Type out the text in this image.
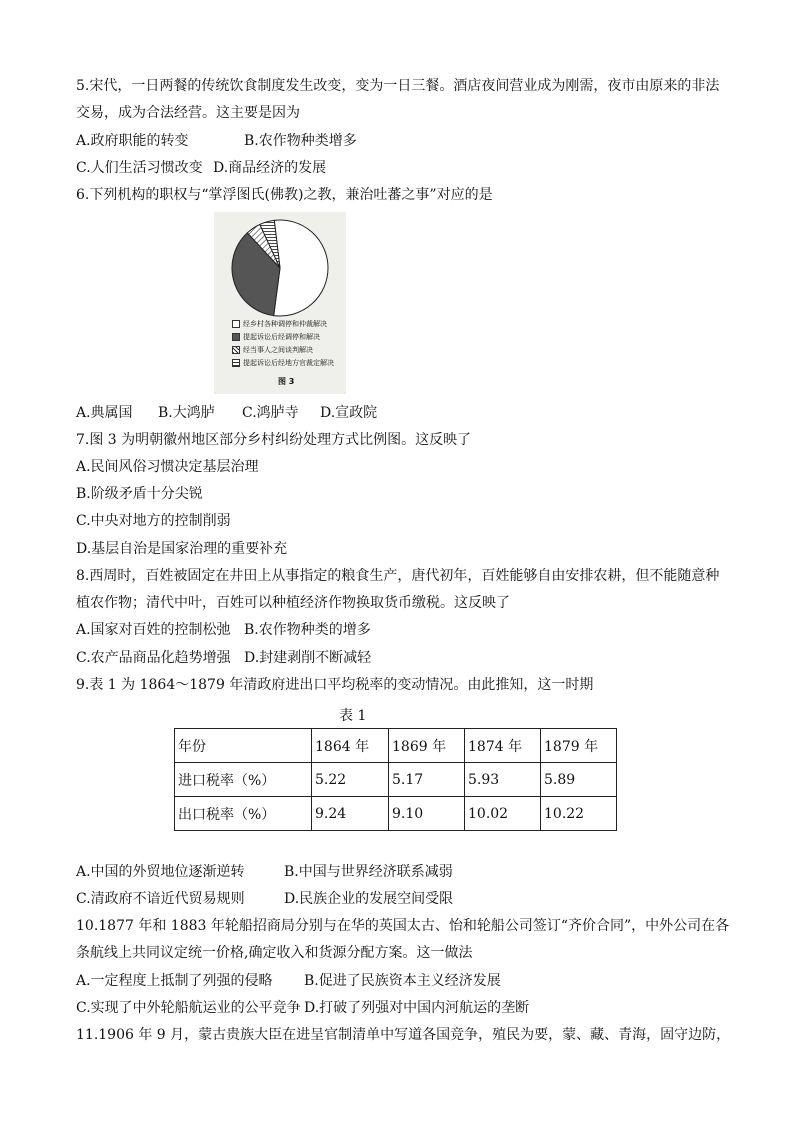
5.宋代，一日两餐的传统饮食制度发生改变，变为一日三餐。酒店夜间营业成为刚需，夜市由原来的非法
交易，成为合法经营。这主要是因为
A.政府职能的转变	B.农作物种类增多
C.人们生活习惯改变 D.商品经济的发展
6.下列机构的职权与“掌浮图氏(佛教)之教，兼治吐蕃之事”对应的是
经乡村各种调停和仲裁解决
提起诉讼后经调停和解决
经当事人之间谈判解决
提起诉讼后经地方官裁定解决
图 3
A.典属国 B.大鸿胪 C.鸿胪寺 D.宣政院
7.图 3 为明朝徽州地区部分乡村纠纷处理方式比例图。这反映了
A.民间风俗习惯决定基层治理
B.阶级矛盾十分尖锐
C.中央对地方的控制削弱
D.基层自治是国家治理的重要补充
8.西周时，百姓被固定在井田上从事指定的粮食生产，唐代初年，百姓能够自由安排农耕，但不能随意种
植农作物；清代中叶，百姓可以种植经济作物换取货币缴税。这反映了
A.国家对百姓的控制松弛 B.农作物种类的增多
C.农产品商品化趋势增强 D.封建剥削不断减轻
9.表 1 为 1864～1879 年清政府进出口平均税率的变动情况。由此推知，这一时期
表 1
年份	1864 年	1869 年	1874 年	1879 年
进口税率（%）	5.22	5.17	5.93	5.89
出口税率（%）	9.24	9.10	10.02	10.22
A.中国的外贸地位逐渐逆转	B.中国与世界经济联系减弱
C.清政府不谙近代贸易规则	D.民族企业的发展空间受限
10.1877 年和 1883 年轮船招商局分别与在华的英国太古、怡和轮船公司签订“齐价合同”，中外公司在各
条航线上共同议定统一价格,确定收入和货源分配方案。这一做法
A.一定程度上抵制了列强的侵略 B.促进了民族资本主义经济发展
C.实现了中外轮船航运业的公平竞争 D.打破了列强对中国内河航运的垄断
11.1906 年 9 月，蒙古贵族大臣在进呈官制清单中写道各国竞争，殖民为要，蒙、藏、青海，固守边防，
